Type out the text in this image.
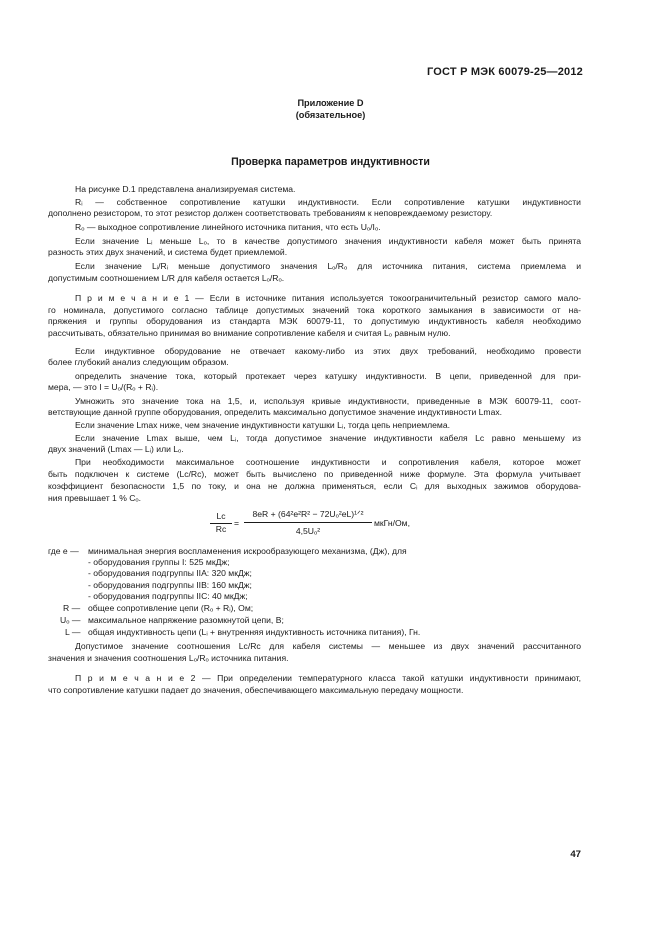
ГОСТ Р МЭК 60079-25—2012
Приложение D
(обязательное)
Проверка параметров индуктивности
На рисунке D.1 представлена анализируемая система.
Rᵢ — собственное сопротивление катушки индуктивности. Если сопротивление катушки индуктивности
дополнено резистором, то этот резистор должен соответствовать требованиям к неповреждаемому резистору.
Rₒ — выходное сопротивление линейного источника питания, что есть Uₒ/Iₒ.
Если значение Lᵢ меньше Lₒ, то в качестве допустимого значения индуктивности кабеля может быть принята
разность этих двух значений, и система будет приемлемой.
Если значение Lᵢ/Rᵢ меньше допустимого значения Lₒ/Rₒ для источника питания, система приемлема и
допустимым соотношением L/R для кабеля остается Lₒ/Rₒ.
П р и м е ч а н и е 1 — Если в источнике питания используется токоограничительный резистор самого мало-
го номинала, допустимого согласно таблице допустимых значений тока короткого замыкания в зависимости от на-
пряжения и группы оборудования из стандарта МЭК 60079-11, то допустимую индуктивность кабеля необходимо
рассчитывать, обязательно принимая во внимание сопротивление кабеля и считая Lₒ равным нулю.
Если индуктивное оборудование не отвечает какому-либо из этих двух требований, необходимо провести
более глубокий анализ следующим образом.
определить значение тока, который протекает через катушку индуктивности. В цепи, приведенной для при-
мера, — это I = Uₒ/(Rₒ + Rᵢ).
Умножить это значение тока на 1,5, и, используя кривые индуктивности, приведенные в МЭК 60079-11, соот-
ветствующие данной группе оборудования, определить максимально допустимое значение индуктивности Lmax.
Если значение Lmax ниже, чем значение индуктивности катушки Lᵢ, тогда цепь неприемлема.
Если значение Lmax выше, чем Lᵢ, тогда допустимое значение индуктивности кабеля Lc равно меньшему из
двух значений (Lmax — Lᵢ) или Lₒ.
При необходимости максимальное соотношение индуктивности и сопротивления кабеля, которое может
быть подключен к системе (Lc/Rc), может быть вычислено по приведенной ниже формуле. Эта формула учитывает
коэффициент безопасности 1,5 по току, и она не должна применяться, если Cᵢ для выходных зажимов оборудова-
ния превышает 1 % Cₒ.
$\frac{Lc}{Rc}$ =
8eR + (64²e²R² − 72Uₒ²eL)¹ᐟ²
4,5Uₒ²
мкГн/Ом,
где e — минимальная энергия воспламенения искрообразующего механизма, (Дж), для
- оборудования группы I: 525 мкДж;
- оборудования подгруппы IIA: 320 мкДж;
- оборудования подгруппы IIB: 160 мкДж;
- оборудования подгруппы IIC: 40 мкДж;
R — общее сопротивление цепи (Rₒ + Rᵢ), Ом;
Uₒ — максимальное напряжение разомкнутой цепи, В;
L — общая индуктивность цепи (Lᵢ + внутренняя индуктивность источника питания), Гн.
Допустимое значение соотношения Lc/Rc для кабеля системы — меньшее из двух значений рассчитанного
значения и значения соотношения Lₒ/Rₒ источника питания.
П р и м е ч а н и е 2 — При определении температурного класса такой катушки индуктивности принимают,
что сопротивление катушки падает до значения, обеспечивающего максимальную передачу мощности.
47
